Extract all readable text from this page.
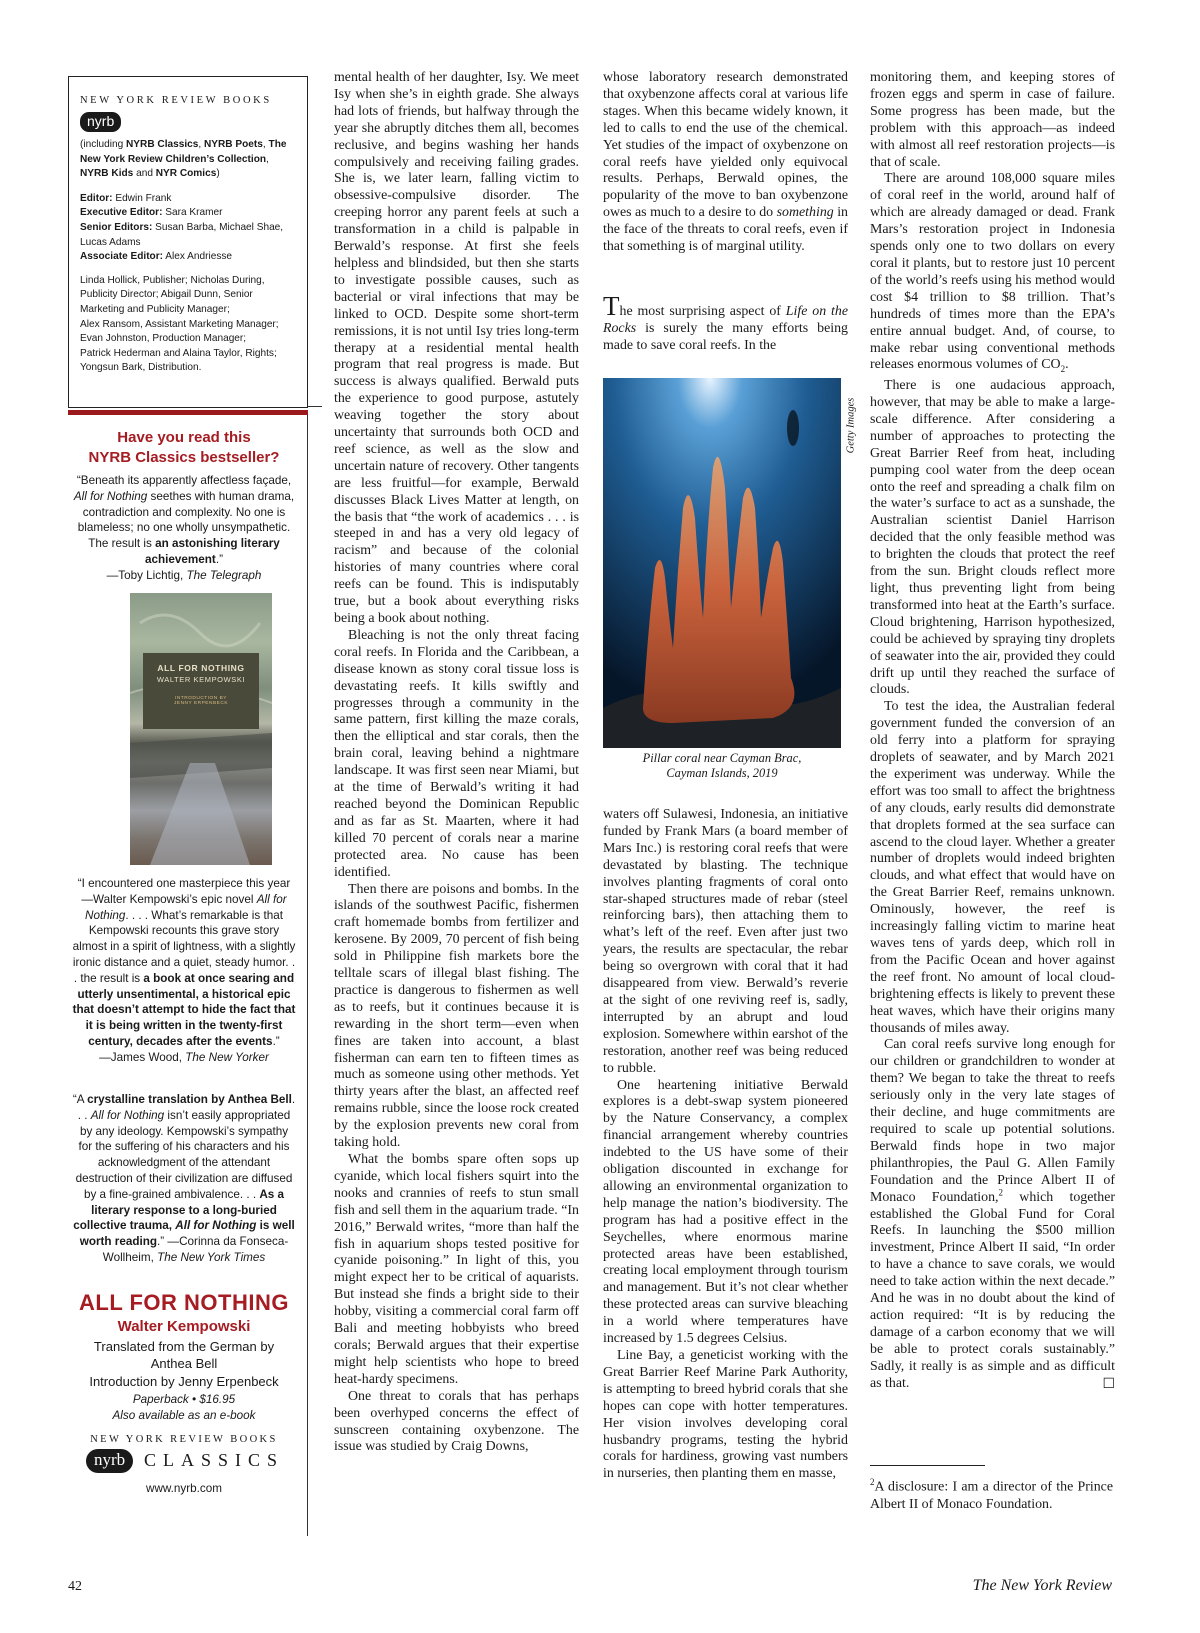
NEW YORK REVIEW BOOKS
nyrb
(including NYRB Classics, NYRB Poets, The New York Review Children’s Collection, NYRB Kids and NYR Comics)
Editor: Edwin Frank
Executive Editor: Sara Kramer
Senior Editors: Susan Barba, Michael Shae, Lucas Adams
Associate Editor: Alex Andriesse
Linda Hollick, Publisher; Nicholas During, Publicity Director; Abigail Dunn, Senior Marketing and Publicity Manager;
Alex Ransom, Assistant Marketing Manager;
Evan Johnston, Production Manager;
Patrick Hederman and Alaina Taylor, Rights;
Yongsun Bark, Distribution.
Have you read this
NYRB Classics bestseller?
“Beneath its apparently affectless façade, All for Nothing seethes with human drama, contradiction and complexity. No one is blameless; no one wholly unsympathetic. The result is an astonishing literary achievement.”
—Toby Lichtig, The Telegraph
ALL FOR NOTHING
WALTER KEMPOWSKI
INTRODUCTION BY
JENNY ERPENBECK
“I encountered one masterpiece this year—Walter Kempowski’s epic novel All for Nothing. . . . What’s remarkable is that Kempowski recounts this grave story almost in a spirit of lightness, with a slightly ironic distance and a quiet, steady humor. . . the result is a book at once searing and utterly unsentimental, a historical epic that doesn’t attempt to hide the fact that it is being written in the twenty-first century, decades after the events.”
—James Wood, The New Yorker
“A crystalline translation by Anthea Bell. . . All for Nothing isn’t easily appropriated by any ideology. Kempowski’s sympathy for the suffering of his characters and his acknowledgment of the attendant destruction of their civilization are diffused by a fine-grained ambivalence. . . As a literary response to a long-buried collective trauma, All for Nothing is well worth reading.” —Corinna da Fonseca-Wollheim, The New York Times
ALL FOR NOTHING
Walter Kempowski
Translated from the German by Anthea Bell
Introduction by Jenny Erpenbeck
Paperback • $16.95
Also available as an e-book
NEW YORK REVIEW BOOKS
nyrb	CLASSICS
www.nyrb.com

mental health of her daughter, Isy. We meet Isy when she’s in eighth grade. She always had lots of friends, but halfway through the year she abruptly ditches them all, becomes reclusive, and begins washing her hands compulsively and receiving failing grades. She is, we later learn, falling victim to obsessive-compulsive disorder. The creeping horror any parent feels at such a transformation in a child is palpable in Berwald’s response. At first she feels helpless and blindsided, but then she starts to investigate possible causes, such as bacterial or viral infections that may be linked to OCD. Despite some short-term remissions, it is not until Isy tries long-term therapy at a residential mental health program that real progress is made. But success is always qualified. Berwald puts the experience to good purpose, astutely weaving together the story about uncertainty that surrounds both OCD and reef science, as well as the slow and uncertain nature of recovery. Other tangents are less fruitful—for example, Berwald discusses Black Lives Matter at length, on the basis that “the work of academics . . . is steeped in and has a very old legacy of racism” and because of the colonial histories of many countries where coral reefs can be found. This is indisputably true, but a book about everything risks being a book about nothing.

Bleaching is not the only threat facing coral reefs. In Florida and the Caribbean, a disease known as stony coral tissue loss is devastating reefs. It kills swiftly and progresses through a community in the same pattern, first killing the maze corals, then the elliptical and star corals, then the brain coral, leaving behind a nightmare landscape. It was first seen near Miami, but at the time of Berwald’s writing it had reached beyond the Dominican Republic and as far as St. Maarten, where it had killed 70 percent of corals near a marine protected area. No cause has been identified.

Then there are poisons and bombs. In the islands of the southwest Pacific, fishermen craft homemade bombs from fertilizer and kerosene. By 2009, 70 percent of fish being sold in Philippine fish markets bore the telltale scars of illegal blast fishing. The practice is dangerous to fishermen as well as to reefs, but it continues because it is rewarding in the short term—even when fines are taken into account, a blast fisherman can earn ten to fifteen times as much as someone using other methods. Yet thirty years after the blast, an affected reef remains rubble, since the loose rock created by the explosion prevents new coral from taking hold.

What the bombs spare often sops up cyanide, which local fishers squirt into the nooks and crannies of reefs to stun small fish and sell them in the aquarium trade. “In 2016,” Berwald writes, “more than half the fish in aquarium shops tested positive for cyanide poisoning.” In light of this, you might expect her to be critical of aquarists. But instead she finds a bright side to their hobby, visiting a commercial coral farm off Bali and meeting hobbyists who breed corals; Berwald argues that their expertise might help scientists who hope to breed heat-hardy specimens.

One threat to corals that has perhaps been overhyped concerns the effect of sunscreen containing oxybenzone. The issue was studied by Craig Downs,

whose laboratory research demonstrated that oxybenzone affects coral at various life stages. When this became widely known, it led to calls to end the use of the chemical. Yet studies of the impact of oxybenzone on coral reefs have yielded only equivocal results. Perhaps, Berwald opines, the popularity of the move to ban oxybenzone owes as much to a desire to do something in the face of the threats to coral reefs, even if that something is of marginal utility.

The most surprising aspect of Life on the Rocks is surely the many efforts being made to save coral reefs. In the

Getty Images
Pillar coral near Cayman Brac,
Cayman Islands, 2019

waters off Sulawesi, Indonesia, an initiative funded by Frank Mars (a board member of Mars Inc.) is restoring coral reefs that were devastated by blasting. The technique involves planting fragments of coral onto star-shaped structures made of rebar (steel reinforcing bars), then attaching them to what’s left of the reef. Even after just two years, the results are spectacular, the rebar being so overgrown with coral that it had disappeared from view. Berwald’s reverie at the sight of one reviving reef is, sadly, interrupted by an abrupt and loud explosion. Somewhere within earshot of the restoration, another reef was being reduced to rubble.

One heartening initiative Berwald explores is a debt-swap system pioneered by the Nature Conservancy, a complex financial arrangement whereby countries indebted to the US have some of their obligation discounted in exchange for allowing an environmental organization to help manage the nation’s biodiversity. The program has had a positive effect in the Seychelles, where enormous marine protected areas have been established, creating local employment through tourism and management. But it’s not clear whether these protected areas can survive bleaching in a world where temperatures have increased by 1.5 degrees Celsius.

Line Bay, a geneticist working with the Great Barrier Reef Marine Park Authority, is attempting to breed hybrid corals that she hopes can cope with hotter temperatures. Her vision involves developing coral husbandry programs, testing the hybrid corals for hardiness, growing vast numbers in nurseries, then planting them en masse,

monitoring them, and keeping stores of frozen eggs and sperm in case of failure. Some progress has been made, but the problem with this approach—as indeed with almost all reef restoration projects—is that of scale.

There are around 108,000 square miles of coral reef in the world, around half of which are already damaged or dead. Frank Mars’s restoration project in Indonesia spends only one to two dollars on every coral it plants, but to restore just 10 percent of the world’s reefs using his method would cost $4 trillion to $8 trillion. That’s hundreds of times more than the EPA’s entire annual budget. And, of course, to make rebar using conventional methods releases enormous volumes of $CO_2$.

There is one audacious approach, however, that may be able to make a large-scale difference. After considering a number of approaches to protecting the Great Barrier Reef from heat, including pumping cool water from the deep ocean onto the reef and spreading a chalk film on the water’s surface to act as a sunshade, the Australian scientist Daniel Harrison decided that the only feasible method was to brighten the clouds that protect the reef from the sun. Bright clouds reflect more light, thus preventing light from being transformed into heat at the Earth’s surface. Cloud brightening, Harrison hypothesized, could be achieved by spraying tiny droplets of seawater into the air, provided they could drift up until they reached the surface of clouds.

To test the idea, the Australian federal government funded the conversion of an old ferry into a platform for spraying droplets of seawater, and by March 2021 the experiment was underway. While the effort was too small to affect the brightness of any clouds, early results did demonstrate that droplets formed at the sea surface can ascend to the cloud layer. Whether a greater number of droplets would indeed brighten clouds, and what effect that would have on the Great Barrier Reef, remains unknown. Ominously, however, the reef is increasingly falling victim to marine heat waves tens of yards deep, which roll in from the Pacific Ocean and hover against the reef front. No amount of local cloud-brightening effects is likely to prevent these heat waves, which have their origins many thousands of miles away.

Can coral reefs survive long enough for our children or grandchildren to wonder at them? We began to take the threat to reefs seriously only in the very late stages of their decline, and huge commitments are required to scale up potential solutions. Berwald finds hope in two major philanthropies, the Paul G. Allen Family Foundation and the Prince Albert II of Monaco Foundation,$^2$ which together established the Global Fund for Coral Reefs. In launching the $500 million investment, Prince Albert II said, “In order to have a chance to save corals, we would need to take action within the next decade.” And he was in no doubt about the kind of action required: “It is by reducing the damage of a carbon economy that we will be able to protect corals sustainably.” Sadly, it really is as simple and as difficult as that.	☐

$^2$A disclosure: I am a director of the Prince Albert II of Monaco Foundation.
42	The New York Review
